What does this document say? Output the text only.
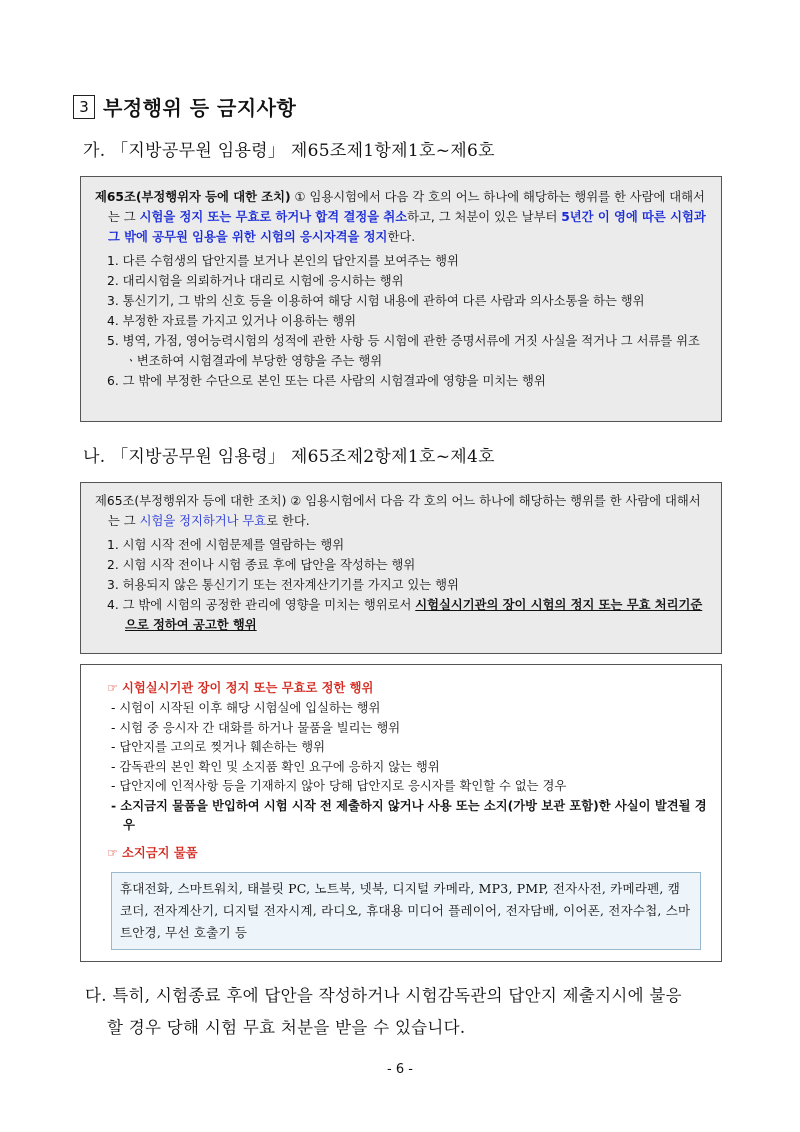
3 부정행위 등 금지사항
가. 「지방공무원 임용령」 제65조제1항제1호~제6호

제65조(부정행위자 등에 대한 조치) ① 임용시험에서 다음 각 호의 어느 하나에 해당하는 행위를 한 사람에 대해서는 그 시험을 정지 또는 무효로 하거나 합격 결정을 취소하고, 그 처분이 있은 날부터 5년간 이 영에 따른 시험과 그 밖에 공무원 임용을 위한 시험의 응시자격을 정지한다.

1. 다른 수험생의 답안지를 보거나 본인의 답안지를 보여주는 행위
2. 대리시험을 의뢰하거나 대리로 시험에 응시하는 행위
3. 통신기기, 그 밖의 신호 등을 이용하여 해당 시험 내용에 관하여 다른 사람과 의사소통을 하는 행위
4. 부정한 자료를 가지고 있거나 이용하는 행위
5. 병역, 가점, 영어능력시험의 성적에 관한 사항 등 시험에 관한 증명서류에 거짓 사실을 적거나 그 서류를 위조ㆍ변조하여 시험결과에 부당한 영향을 주는 행위
6. 그 밖에 부정한 수단으로 본인 또는 다른 사람의 시험결과에 영향을 미치는 행위
나. 「지방공무원 임용령」 제65조제2항제1호~제4호

제65조(부정행위자 등에 대한 조치) ② 임용시험에서 다음 각 호의 어느 하나에 해당하는 행위를 한 사람에 대해서는 그 시험을 정지하거나 무효로 한다.

1. 시험 시작 전에 시험문제를 열람하는 행위
2. 시험 시작 전이나 시험 종료 후에 답안을 작성하는 행위
3. 허용되지 않은 통신기기 또는 전자계산기기를 가지고 있는 행위
4. 그 밖에 시험의 공정한 관리에 영향을 미치는 행위로서 시험실시기관의 장이 시험의 정지 또는 무효 처리기준으로 정하여 공고한 행위
☞ 시험실시기관 장이 정지 또는 무효로 정한 행위
- 시험이 시작된 이후 해당 시험실에 입실하는 행위
- 시험 중 응시자 간 대화를 하거나 물품을 빌리는 행위
- 답안지를 고의로 찢거나 훼손하는 행위
- 감독관의 본인 확인 및 소지품 확인 요구에 응하지 않는 행위
- 답안지에 인적사항 등을 기재하지 않아 당해 답안지로 응시자를 확인할 수 없는 경우
- 소지금지 물품을 반입하여 시험 시작 전 제출하지 않거나 사용 또는 소지(가방 보관 포함)한 사실이 발견될 경우
☞ 소지금지 물품
휴대전화, 스마트워치, 태블릿 PC, 노트북, 넷북, 디지털 카메라, MP3, PMP, 전자사전, 카메라펜, 캠코더, 전자계산기, 디지털 전자시계, 라디오, 휴대용 미디어 플레이어, 전자담배, 이어폰, 전자수첩, 스마트안경, 무선 호출기 등
다. 특히, 시험종료 후에 답안을 작성하거나 시험감독관의 답안지 제출지시에 불응
할 경우 당해 시험 무효 처분을 받을 수 있습니다.
- 6 -
